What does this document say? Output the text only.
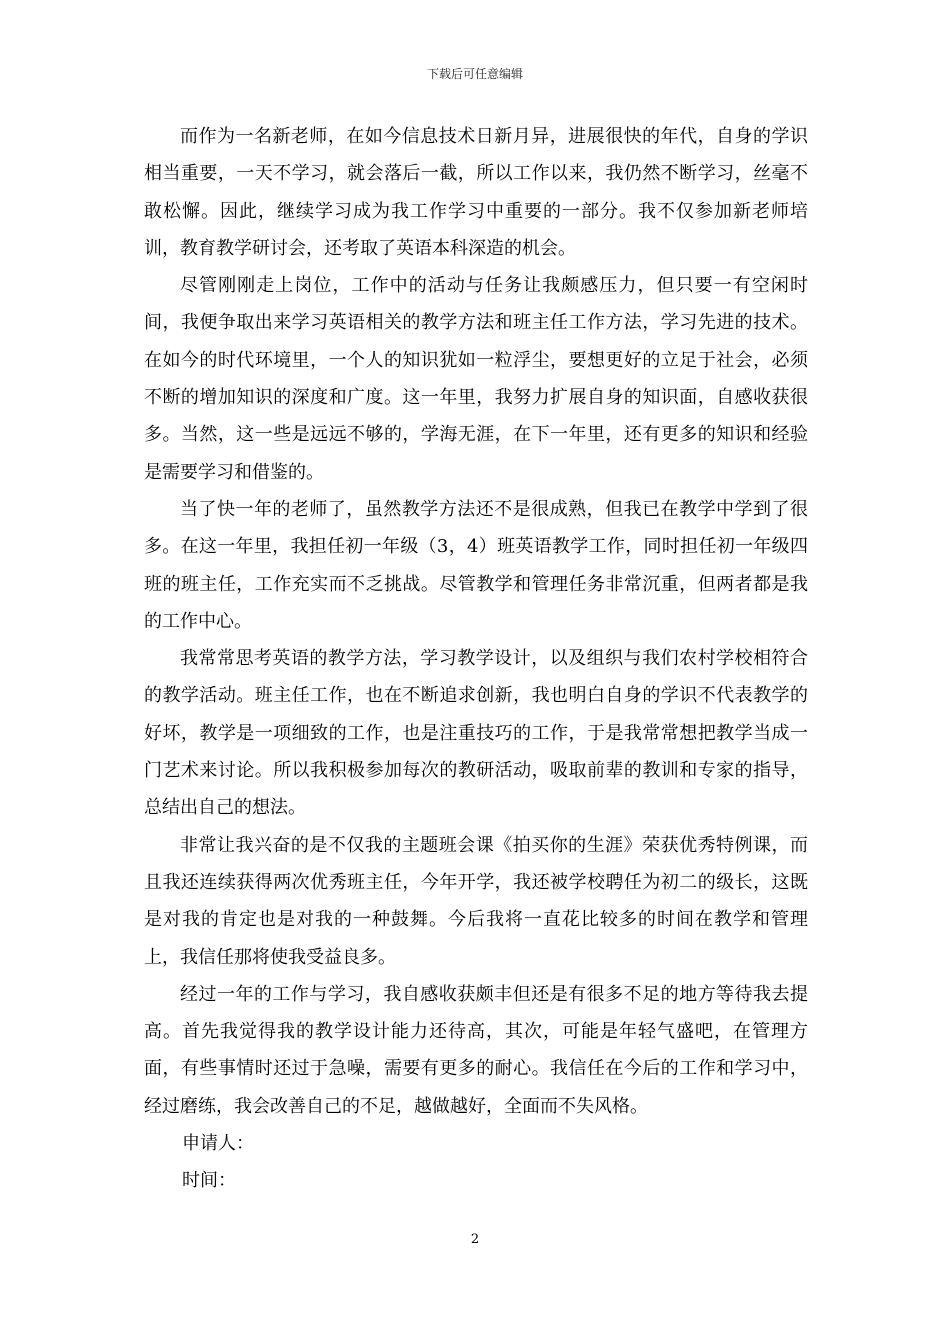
下载后可任意编辑

而作为一名新老师，在如今信息技术日新月异，进展很快的年代，自身的学识相当重要，一天不学习，就会落后一截，所以工作以来，我仍然不断学习，丝毫不敢松懈。因此，继续学习成为我工作学习中重要的一部分。我不仅参加新老师培训，教育教学研讨会，还考取了英语本科深造的机会。

尽管刚刚走上岗位，工作中的活动与任务让我颇感压力，但只要一有空闲时间，我便争取出来学习英语相关的教学方法和班主任工作方法，学习先进的技术。在如今的时代环境里，一个人的知识犹如一粒浮尘，要想更好的立足于社会，必须不断的增加知识的深度和广度。这一年里，我努力扩展自身的知识面，自感收获很多。当然，这一些是远远不够的，学海无涯，在下一年里，还有更多的知识和经验是需要学习和借鉴的。

当了快一年的老师了，虽然教学方法还不是很成熟，但我已在教学中学到了很多。在这一年里，我担任初一年级（3，4）班英语教学工作，同时担任初一年级四班的班主任，工作充实而不乏挑战。尽管教学和管理任务非常沉重，但两者都是我的工作中心。

我常常思考英语的教学方法，学习教学设计，以及组织与我们农村学校相符合的教学活动。班主任工作，也在不断追求创新，我也明白自身的学识不代表教学的好坏，教学是一项细致的工作，也是注重技巧的工作，于是我常常想把教学当成一门艺术来讨论。所以我积极参加每次的教研活动，吸取前辈的教训和专家的指导，总结出自己的想法。

非常让我兴奋的是不仅我的主题班会课《拍买你的生涯》荣获优秀特例课，而且我还连续获得两次优秀班主任，今年开学，我还被学校聘任为初二的级长，这既是对我的肯定也是对我的一种鼓舞。今后我将一直花比较多的时间在教学和管理上，我信任那将使我受益良多。

经过一年的工作与学习，我自感收获颇丰但还是有很多不足的地方等待我去提高。首先我觉得我的教学设计能力还待高，其次，可能是年轻气盛吧，在管理方面，有些事情时还过于急噪，需要有更多的耐心。我信任在今后的工作和学习中，经过磨练，我会改善自己的不足，越做越好，全面而不失风格。

申请人：

时间：

2
